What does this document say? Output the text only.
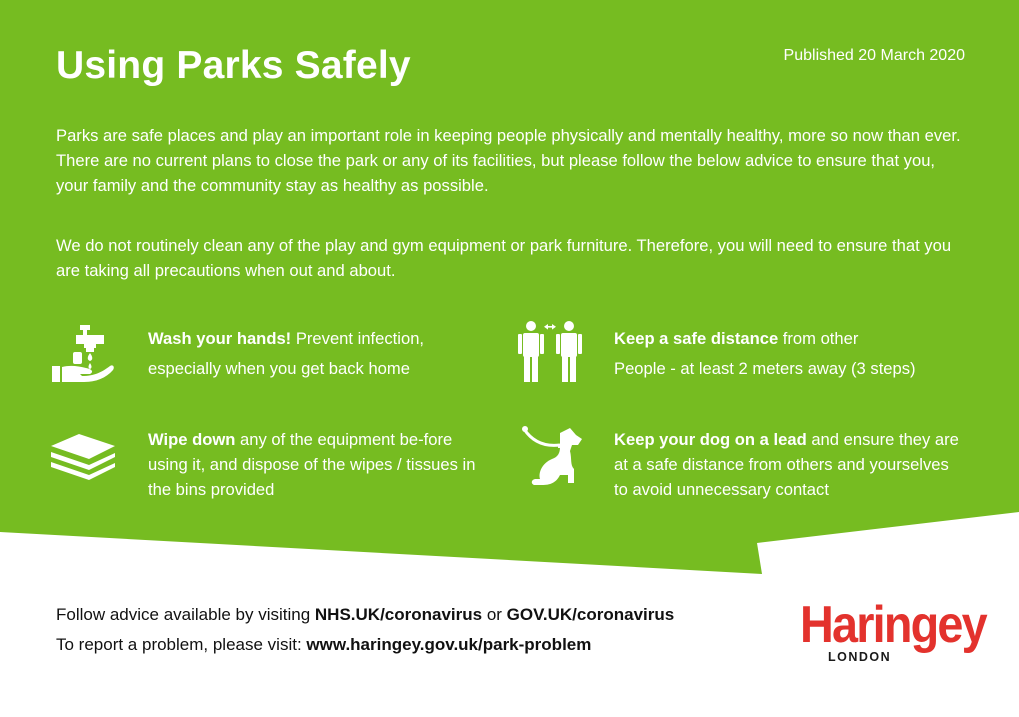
Using Parks Safely	Published 20 March 2020

Parks are safe places and play an important role in keeping people physically and mentally healthy, more so now than ever. There are no current plans to close the park or any of its facilities, but please follow the below advice to ensure that you, your family and the community stay as healthy as possible.

We do not routinely clean any of the play and gym equipment or park furniture. Therefore, you will need to ensure that you are taking all precautions when out and about.

Wash your hands! Prevent infection,
especially when you get back home

Keep a safe distance from other
People - at least 2 meters away (3 steps)

Wipe down any of the equipment be-fore using it, and dispose of the wipes / tissues in the bins provided

Keep your dog on a lead and ensure they are at a safe distance from others and yourselves to avoid unnecessary contact

Follow advice available by visiting NHS.UK/coronavirus or GOV.UK/coronavirus

To report a problem, please visit: www.haringey.gov.uk/park-problem	Haringey
LONDON
